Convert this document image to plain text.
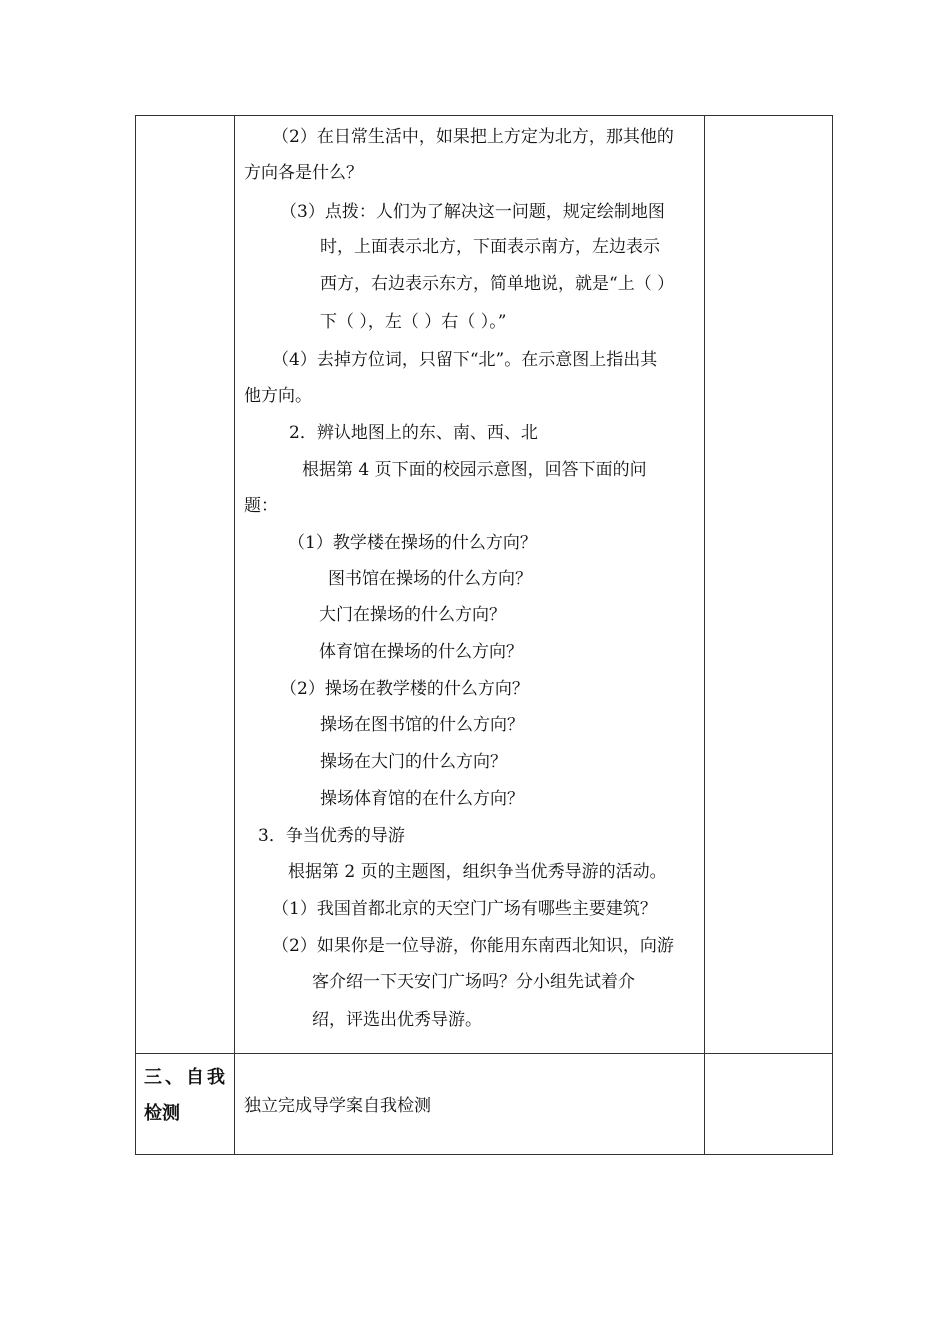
（2）在日常生活中，如果把上方定为北方，那其他的
方向各是什么？
（3）点拨：人们为了解决这一问题，规定绘制地图
时，上面表示北方，下面表示南方，左边表示
西方，右边表示东方，简单地说，就是“上（ ）
下（ ），左（ ）右（ ）。”
（4）去掉方位词，只留下“北”。在示意图上指出其
他方向。
2．辨认地图上的东、南、西、北
根据第 4 页下面的校园示意图，回答下面的问
题：
（1）教学楼在操场的什么方向？
图书馆在操场的什么方向？
大门在操场的什么方向？
体育馆在操场的什么方向？
（2）操场在教学楼的什么方向？
操场在图书馆的什么方向？
操场在大门的什么方向？
操场体育馆的在什么方向？
3．争当优秀的导游
根据第 2 页的主题图，组织争当优秀导游的活动。
（1）我国首都北京的天空门广场有哪些主要建筑？
（2）如果你是一位导游，你能用东南西北知识，向游
客介绍一下天安门广场吗？分小组先试着介
绍，评选出优秀导游。
三、自我
检测	独立完成导学案自我检测
